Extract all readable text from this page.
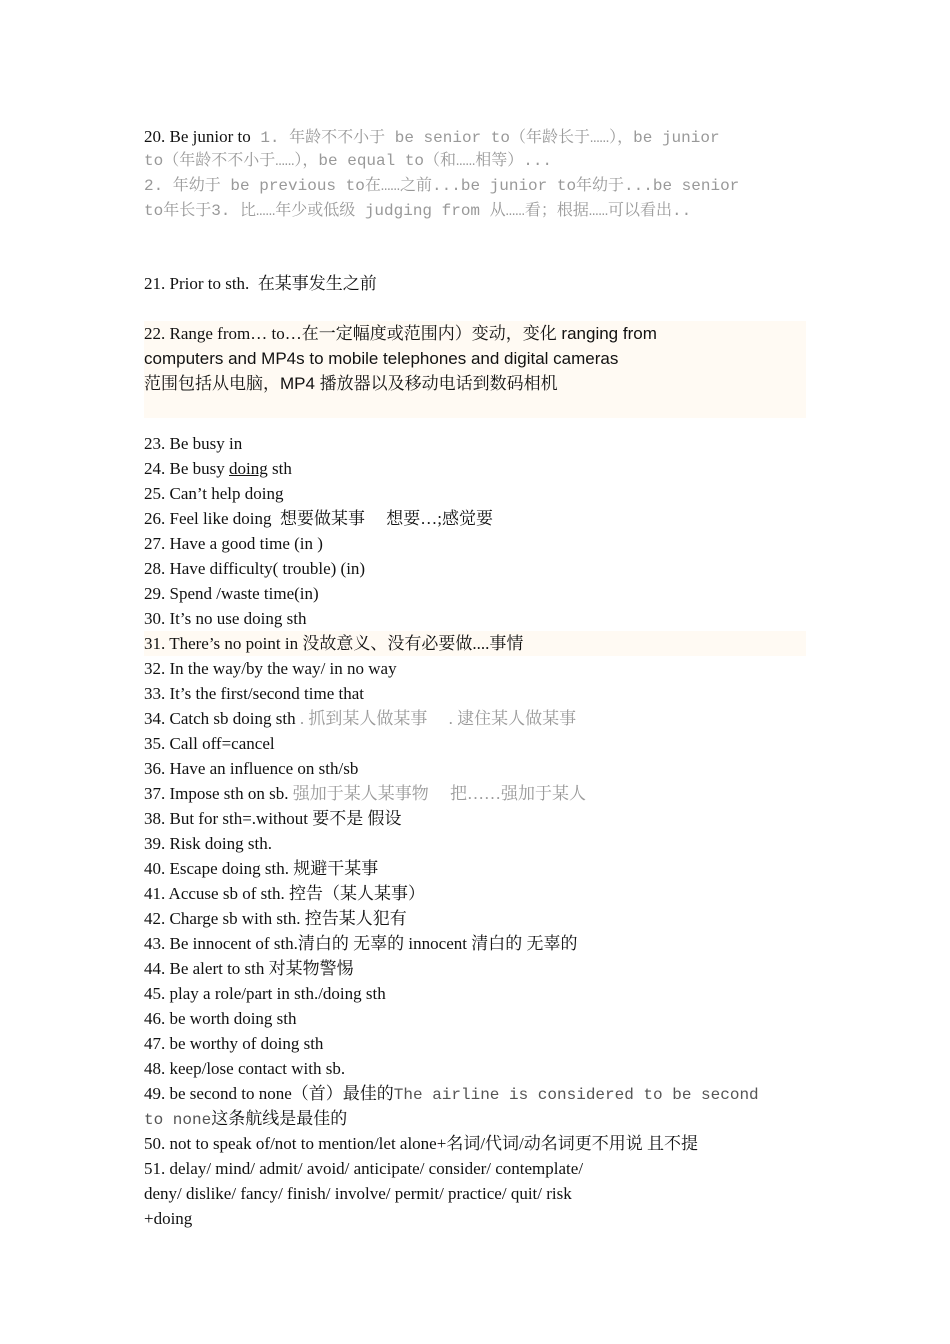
20. Be junior to 1. 年龄不不小于 be senior to（年龄长于……），be junior
to（年龄不不小于……），be equal to（和……相等）...
2. 年幼于 be previous to在……之前...be junior to年幼于...be senior
to年长于3. 比……年少或低级 judging from 从……看；根据……可以看出..
21. Prior to sth. 在某事发生之前
22. Range from… to…在一定幅度或范围内）变动，变化 ranging from
computers and MP4s to mobile telephones and digital cameras
范围包括从电脑，MP4 播放器以及移动电话到数码相机
23. Be busy in
24. Be busy doing sth
25. Can’t help doing
26. Feel like doing 想要做某事　 想要…;感觉要
27. Have a good time (in )
28. Have difficulty( trouble) (in)
29. Spend /waste time(in)
30. It’s no use doing sth
31. There’s no point in 没故意义、没有必要做....事情
32. In the way/by the way/ in no way
33. It’s the first/second time that
34. Catch sb doing sth . 抓到某人做某事 　. 逮住某人做某事
35. Call off=cancel
36. Have an influence on sth/sb
37. Impose sth on sb. 强加于某人某事物　 把……强加于某人
38. But for sth=.without 要不是 假设
39. Risk doing sth.
40. Escape doing sth. 规避干某事
41. Accuse sb of sth. 控告（某人某事）
42. Charge sb with sth. 控告某人犯有
43. Be innocent of sth.清白的 无辜的 innocent 清白的 无辜的
44. Be alert to sth 对某物警惕
45. play a role/part in sth./doing sth
46. be worth doing sth
47. be worthy of doing sth
48. keep/lose contact with sb.
49. be second to none（首）最佳的The airline is considered to be second
to none这条航线是最佳的
50. not to speak of/not to mention/let alone+名词/代词/动名词更不用说 且不提
51. delay/ mind/ admit/ avoid/ anticipate/ consider/ contemplate/
deny/ dislike/ fancy/ finish/ involve/ permit/ practice/ quit/ risk
+doing
